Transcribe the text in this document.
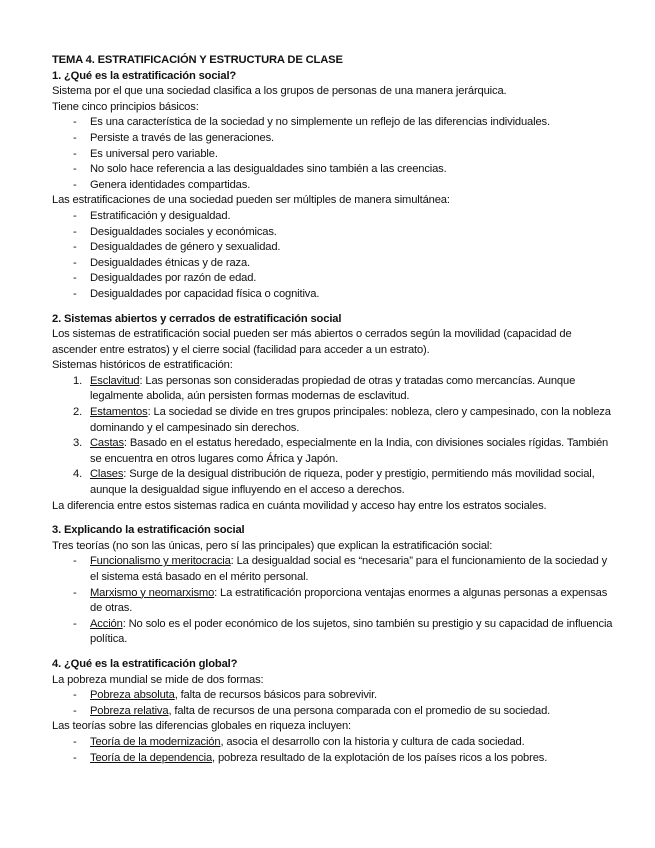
TEMA 4. ESTRATIFICACIÓN Y ESTRUCTURA DE CLASE

1. ¿Qué es la estratificación social?

Sistema por el que una sociedad clasifica a los grupos de personas de una manera jerárquica.

Tiene cinco principios básicos:

- Es una característica de la sociedad y no simplemente un reflejo de las diferencias individuales.
- Persiste a través de las generaciones.
- Es universal pero variable.
- No solo hace referencia a las desigualdades sino también a las creencias.
- Genera identidades compartidas.

Las estratificaciones de una sociedad pueden ser múltiples de manera simultánea:

- Estratificación y desigualdad.
- Desigualdades sociales y económicas.
- Desigualdades de género y sexualidad.
- Desigualdades étnicas y de raza.
- Desigualdades por razón de edad.
- Desigualdades por capacidad física o cognitiva.

2. Sistemas abiertos y cerrados de estratificación social

Los sistemas de estratificación social pueden ser más abiertos o cerrados según la movilidad (capacidad de ascender entre estratos) y el cierre social (facilidad para acceder a un estrato).

Sistemas históricos de estratificación:

1. Esclavitud: Las personas son consideradas propiedad de otras y tratadas como mercancías. Aunque legalmente abolida, aún persisten formas modernas de esclavitud.
2. Estamentos: La sociedad se divide en tres grupos principales: nobleza, clero y campesinado, con la nobleza dominando y el campesinado sin derechos.
3. Castas: Basado en el estatus heredado, especialmente en la India, con divisiones sociales rígidas. También se encuentra en otros lugares como África y Japón.
4. Clases: Surge de la desigual distribución de riqueza, poder y prestigio, permitiendo más movilidad social, aunque la desigualdad sigue influyendo en el acceso a derechos.

La diferencia entre estos sistemas radica en cuánta movilidad y acceso hay entre los estratos sociales.

3. Explicando la estratificación social

Tres teorías (no son las únicas, pero sí las principales) que explican la estratificación social:

- Funcionalismo y meritocracia: La desigualdad social es “necesaria” para el funcionamiento de la sociedad y el sistema está basado en el mérito personal.
- Marxismo y neomarxismo: La estratificación proporciona ventajas enormes a algunas personas a expensas de otras.
- Acción: No solo es el poder económico de los sujetos, sino también su prestigio y su capacidad de influencia política.

4. ¿Qué es la estratificación global?

La pobreza mundial se mide de dos formas:

- Pobreza absoluta, falta de recursos básicos para sobrevivir.
- Pobreza relativa, falta de recursos de una persona comparada con el promedio de su sociedad.

Las teorías sobre las diferencias globales en riqueza incluyen:

- Teoría de la modernización, asocia el desarrollo con la historia y cultura de cada sociedad.
- Teoría de la dependencia, pobreza resultado de la explotación de los países ricos a los pobres.
